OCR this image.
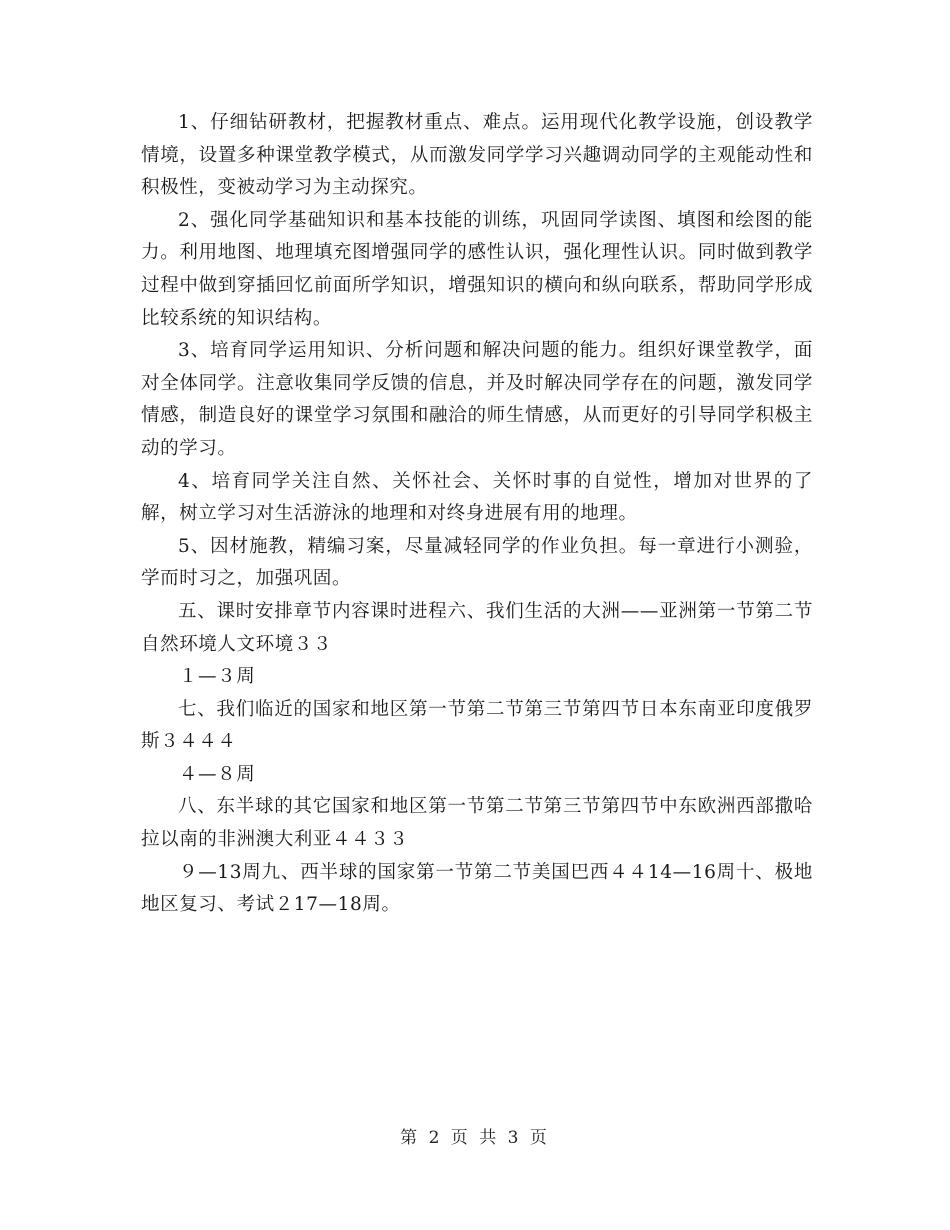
1、仔细钻研教材，把握教材重点、难点。运用现代化教学设施，创设教学情境，设置多种课堂教学模式，从而激发同学学习兴趣调动同学的主观能动性和积极性，变被动学习为主动探究。

2、强化同学基础知识和基本技能的训练，巩固同学读图、填图和绘图的能力。利用地图、地理填充图增强同学的感性认识，强化理性认识。同时做到教学过程中做到穿插回忆前面所学知识，增强知识的横向和纵向联系，帮助同学形成比较系统的知识结构。

3、培育同学运用知识、分析问题和解决问题的能力。组织好课堂教学，面对全体同学。注意收集同学反馈的信息，并及时解决同学存在的问题，激发同学情感，制造良好的课堂学习氛围和融洽的师生情感，从而更好的引导同学积极主动的学习。

4、培育同学关注自然、关怀社会、关怀时事的自觉性，增加对世界的了解，树立学习对生活游泳的地理和对终身进展有用的地理。

5、因材施教，精编习案，尽量减轻同学的作业负担。每一章进行小测验，学而时习之，加强巩固。

五、课时安排章节内容课时进程六、我们生活的大洲——亚洲第一节第二节自然环境人文环境３３

１—３周

七、我们临近的国家和地区第一节第二节第三节第四节日本东南亚印度俄罗斯３４４４

４—８周

八、东半球的其它国家和地区第一节第二节第三节第四节中东欧洲西部撒哈拉以南的非洲澳大利亚４４３３

９—13周九、西半球的国家第一节第二节美国巴西４４14—16周十、极地地区复习、考试２17—18周。

第 2 页 共 3 页
